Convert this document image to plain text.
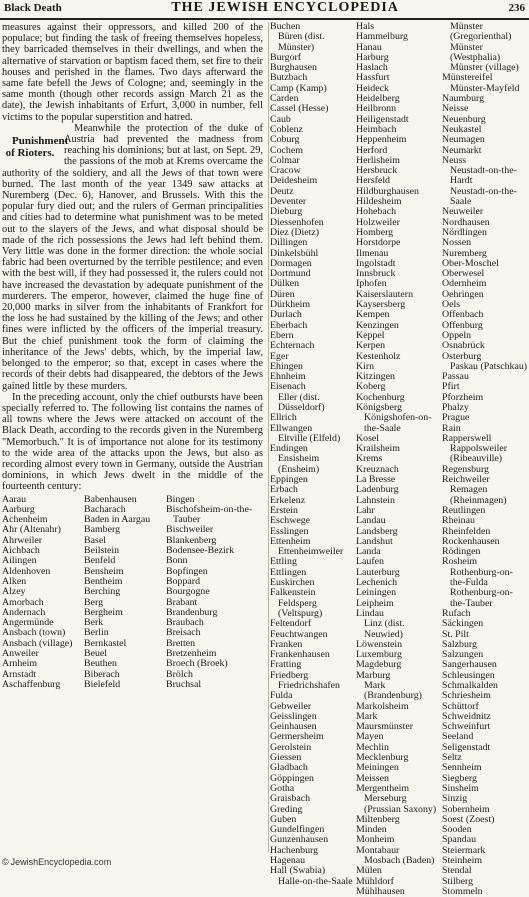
Black Death	THE JEWISH ENCYCLOPEDIA	236

measures against their oppressors, and killed 200 of the populace; but finding the task of freeing themselves hopeless, they barricaded themselves in their dwellings, and when the alternative of starvation or baptism faced them, set fire to their houses and perished in the flames. Two days afterward the same fate befell the Jews of Cologne; and, seemingly in the same month (though other records assign March 21 as the date), the Jewish inhabitants of Erfurt, 3,000 in number, fell victims to the popular superstition and hatred.

Punishment of Rioters.
Meanwhile the protection of the duke of Austria had prevented the madness from reaching his dominions; but at last, on Sept. 29, the passions of the mob at Krems overcame the authority of the soldiery, and all the Jews of that town were burned. The last month of the year 1349 saw attacks at Nuremberg (Dec. 6), Hanover, and Brussels. With this the popular fury died out; and the rulers of German principalities and cities had to determine what punishment was to be meted out to the slayers of the Jews, and what disposal should be made of the rich possessions the Jews had left behind them. Very little was done in the former direction: the whole social fabric had been overturned by the terrible pestilence; and even with the best will, if they had possessed it, the rulers could not have increased the devastation by adequate punishment of the murderers. The emperor, however, claimed the huge fine of 20,000 marks in silver from the inhabitants of Frankfort for the loss he had sustained by the killing of the Jews; and other fines were inflicted by the officers of the imperial treasury. But the chief punishment took the form of claiming the inheritance of the Jews' debts, which, by the imperial law, belonged to the emperor; so that, except in cases where the records of their debts had disappeared, the debtors of the Jews gained little by these murders.

In the preceding account, only the chief outbursts have been specially referred to. The following list contains the names of all towns where the Jews were attacked on account of the Black Death, according to the records given in the Nuremberg "Memorbuch." It is of importance not alone for its testimony to the wide area of the attacks upon the Jews, but also as recording almost every town in Germany, outside the Austrian dominions, in which Jews dwelt in the middle of the fourteenth century:

Aarau
Aarburg
Achenheim
Ahr (Altenahr)
Ahrweiler
Aichbach
Ailingen
Aldenhoven
Alken
Alzey
Amorbach
Andernach
Angermünde
Ansbach (town)
Ansbach (village)
Anweiler
Arnheim
Arnstadt
Aschaffenburg
Babenhausen
Bacharach
Baden in Aargau
Bamberg
Basel
Beilstein
Benfeld
Bensheim
Bentheim
Berching
Berg
Bergheim
Berk
Berlin
Bernkastel
Beuel
Beuthen
Biberach
Bielefeld
Bingen
Bischofsheim-on-the-Tauber
Bischweiler
Blankenberg
Bodensee-Bezirk
Bonn
Bopfingen
Boppard
Bourgogne
Brabant
Brandenburg
Braubach
Breisach
Bretten
Bretzenheim
Broech (Broek)
Brölch
Bruchsal
Buchen
Büren (dist. Münster)
Burgorf
Burghausen
Butzbach
Camp (Kamp)
Carden
Cassel (Hesse)
Caub
Coblenz
Coburg
Cochem
Colmar
Cracow
Deidesheim
Deutz
Deventer
Dieburg
Diessenhofen
Diez (Dietz)
Dillingen
Dinkelsbühl
Dormagen
Dortmund
Dülken
Düren
Dürkheim
Durlach
Eberbach
Ebern
Echternach
Eger
Ehingen
Ehnheim
Eisenach
Eller (dist. Düsseldorf)
Ellrich
Ellwangen
Eltville (Elfeld)
Endingen
Ensisheim (Ensheim)
Eppingen
Erbach
Erkelenz
Erstein
Eschwege
Esslingen
Ettenheim
Ettenheimweiler
Ettling
Ettlingen
Euskirchen
Falkenstein
Feldsperg (Veltspurg)
Feltendorf
Feuchtwangen
Franken
Frankenhausen
Fratting
Friedberg
Friedrichshafen
Fulda
Gebweiler
Geisslingen
Geinhausen
Germersheim
Gerolstein
Giessen
Gladbach
Göppingen
Gotha
Graisbach
Greding
Guben
Gundelfingen
Gunzenhausen
Hachenburg
Hagenau
Hall (Swabia)
Halle-on-the-Saale
Hals
Hammelburg
Hanau
Harburg
Haslach
Hassfurt
Heideck
Heidelberg
Heilbronn
Heiligenstadt
Heimbach
Heppenheim
Herford
Herlisheim
Hersbruck
Hersfeld
Hildburghausen
Hildesheim
Hohebach
Holzweiler
Homberg
Horstdorpe
Ilmenau
Ingolstadt
Innsbruck
Iphofen
Kaiserslautern
Kaysersberg
Kempen
Kenzingen
Keppel
Kerpen
Kestenholz
Kirn
Kitzingen
Koberg
Kochenburg
Königsberg
Königshofen-on-the-Saale
Kosel
Krailsheim
Krems
Kreuznach
La Bresse
Ladenburg
Lahnstein
Lahr
Landau
Landsberg
Landshut
Landa
Laufen
Lauterburg
Lechenich
Leiningen
Leipheim
Lindau
Linz (dist. Neuwied)
Löwenstein
Luxemburg
Magdeburg
Marburg
Mark (Brandenburg)
Markolsheim
Mark
Maursmünster
Mayen
Mechlin
Mecklenburg
Meiningen
Meissen
Mergentheim
Merseburg (Prussian Saxony)
Miltenberg
Minden
Monheim
Montabaur
Mosbach (Baden)
Mülen
Mühldorf
Mühlhausen
Münster (Gregorienthal)
Münster (Westphalia)
Münster (village)
Münstereifel
Münster-Mayfeld
Naumburg
Neisse
Neuenburg
Neukastel
Neumagen
Neumarkt
Neuss
Neustadt-on-the-Hardt
Neustadt-on-the-Saale
Neuweiler
Nordhausen
Nördlingen
Nossen
Nuremberg
Ober-Moschel
Oberwesel
Odernheim
Oehringen
Oels
Offenbach
Offenburg
Oppeln
Osnabrück
Osterburg
Paskau (Patschkau)
Passau
Pfirt
Pforzheim
Phalzy
Prague
Rain
Rapperswell
Rappolsweiler (Ribeauville)
Regensburg
Reichweiler
Remagen (Rheinmagen)
Reutlingen
Rheinau
Rheinfelden
Rockenhausen
Rödingen
Rosheim
Rothenburg-on-the-Fulda
Rothenburg-on-the-Tauber
Rufach
Säckingen
St. Pilt
Salzburg
Salzungen
Sangerhausen
Schleusingen
Schmalkalden
Schriesheim
Schüttorf
Schweidnitz
Schweinfurt
Seeland
Seligenstadt
Seltz
Sennheim
Siegberg
Sinsheim
Sinzig
Sobernheim
Soest (Zoest)
Sooden
Spandau
Steiermark
Steinheim
Stendal
Stilberg
Stommeln
© JewishEncyclopedia.com
